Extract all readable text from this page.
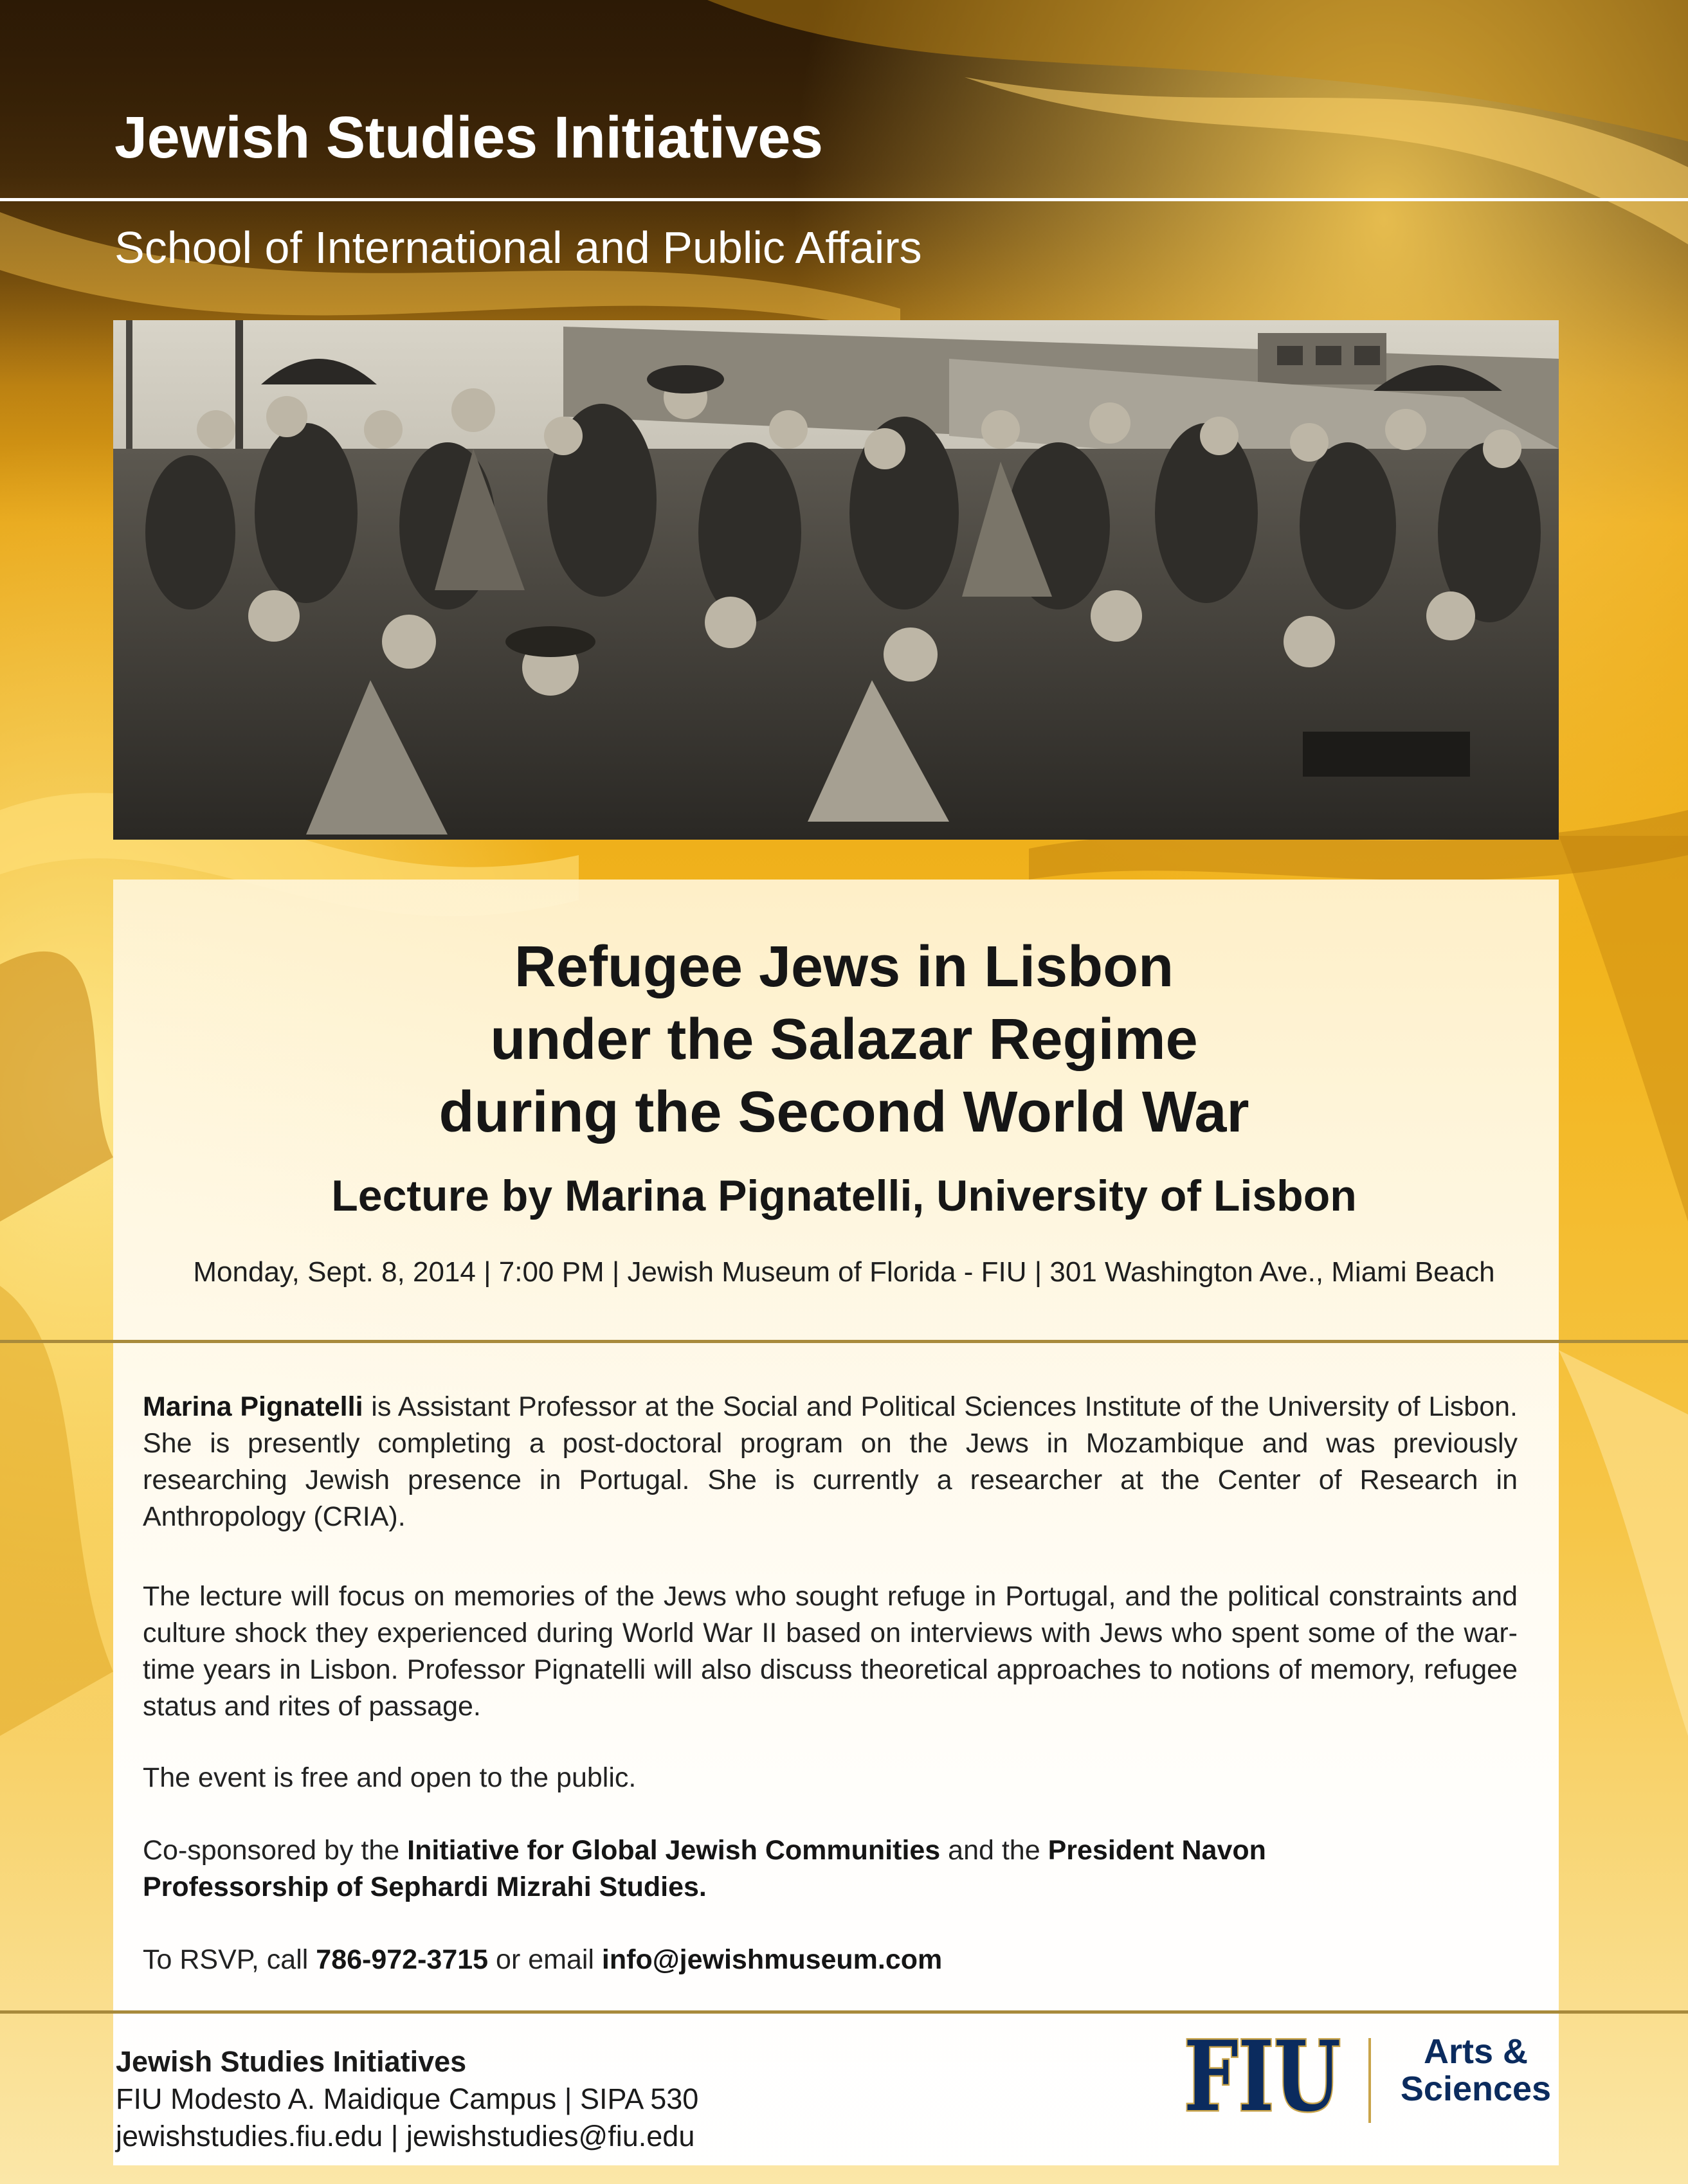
Jewish Studies Initiatives
School of International and Public Affairs
Refugee Jews in Lisbon
under the Salazar Regime
during the Second World War
Lecture by Marina Pignatelli, University of Lisbon
Monday, Sept. 8, 2014 | 7:00 PM | Jewish Museum of Florida - FIU | 301 Washington Ave., Miami Beach
Marina Pignatelli is Assistant Professor at the Social and Political Sciences Institute of the University of Lisbon. She is presently completing a post-doctoral program on the Jews in Mozambique and was previously researching Jewish presence in Portugal. She is currently a researcher at the Center of Research in Anthropology (CRIA).
The lecture will focus on memories of the Jews who sought refuge in Portugal, and the political constraints and culture shock they experienced during World War II based on interviews with Jews who spent some of the war-time years in Lisbon. Professor Pignatelli will also discuss theoretical approaches to notions of memory, refugee status and rites of passage.
The event is free and open to the public.
Co-sponsored by the Initiative for Global Jewish Communities and the President Navon
Professorship of Sephardi Mizrahi Studies.
To RSVP, call 786-972-3715 or email info@jewishmuseum.com
Jewish Studies Initiatives
FIU Modesto A. Maidique Campus | SIPA 530
jewishstudies.fiu.edu | jewishstudies@fiu.edu
FIU	Arts &
Sciences
